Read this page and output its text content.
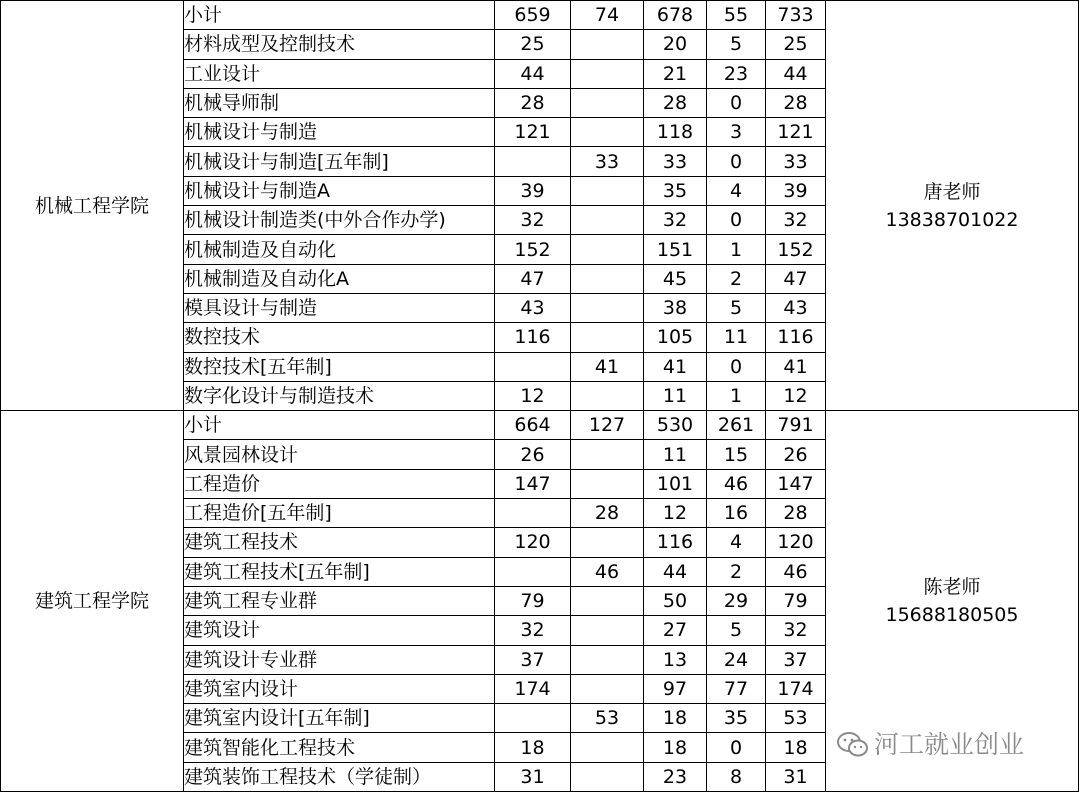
机械工程学院	小计	659	74	678	55	733	唐老师
13838701022

	材料成型及控制技术	25		20	5	25	
	工业设计	44		21	23	44	
	机械导师制	28		28	0	28	
	机械设计与制造	121		118	3	121	
	机械设计与制造[五年制]		33	33	0	33	
	机械设计与制造A	39		35	4	39	
	机械设计制造类(中外合作办学)	32		32	0	32	
	机械制造及自动化	152		151	1	152	
	机械制造及自动化A	47		45	2	47	
	模具设计与制造	43		38	5	43	
	数控技术	116		105	11	116	
	数控技术[五年制]		41	41	0	41	
	数字化设计与制造技术	12		11	1	12	
建筑工程学院	小计	664	127	530	261	791	陈老师
15688180505

	风景园林设计	26		11	15	26	
	工程造价	147		101	46	147	
	工程造价[五年制]		28	12	16	28	
	建筑工程技术	120		116	4	120	
	建筑工程技术[五年制]		46	44	2	46	
	建筑工程专业群	79		50	29	79	
	建筑设计	32		27	5	32	
	建筑设计专业群	37		13	24	37	
	建筑室内设计	174		97	77	174	
	建筑室内设计[五年制]		53	18	35	53	
	建筑智能化工程技术	18		18	0	18	
	建筑装饰工程技术（学徒制）	31		23	8	31	
河工就业创业
